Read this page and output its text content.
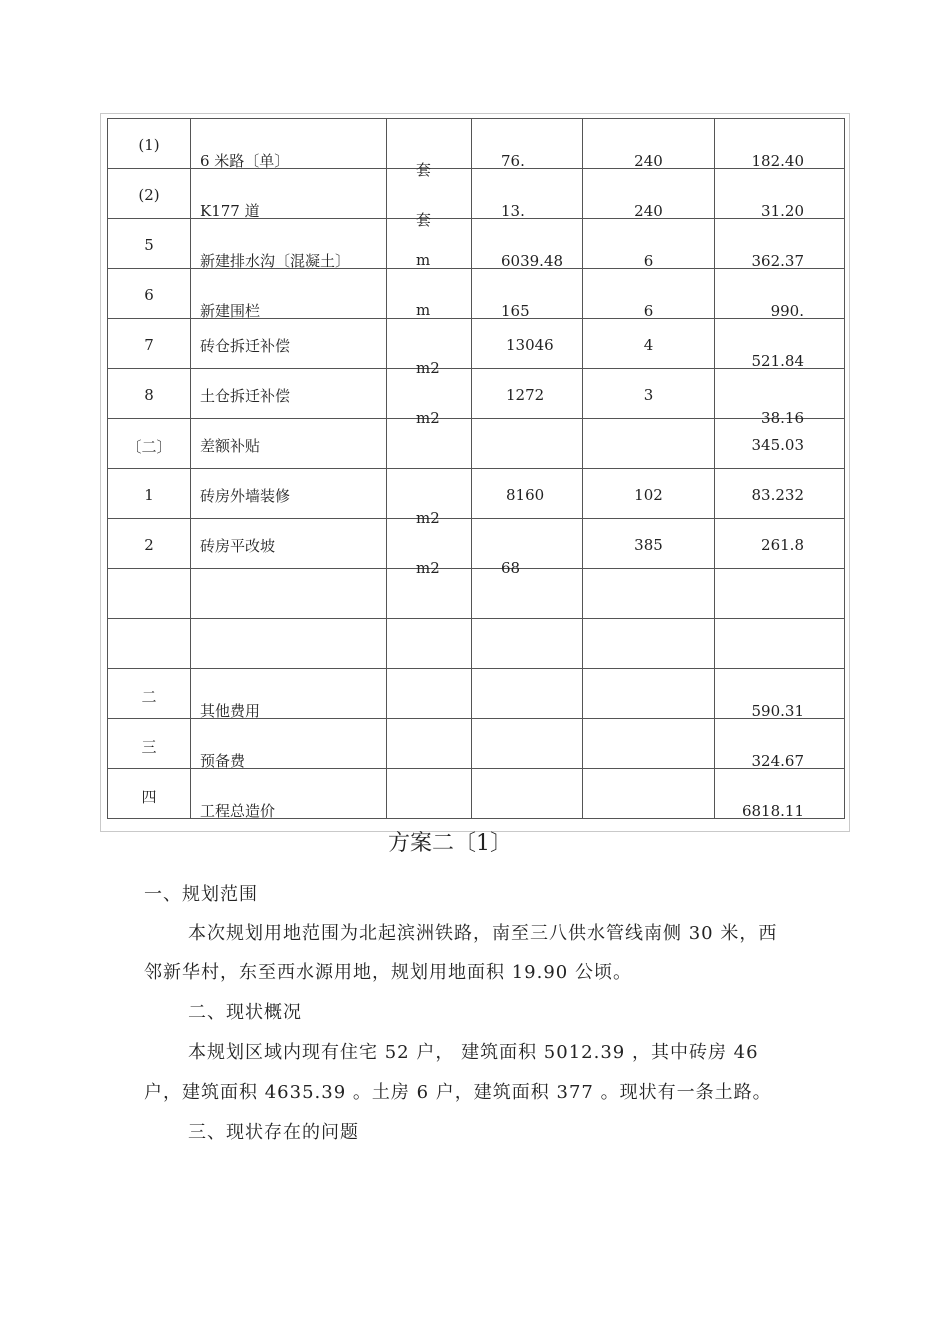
(1)	6 米路〔单〕	套	76.	240	182.40

(2)	K177 道	套	13.	240	31.20

5	新建排水沟〔混凝土〕	m	6039.48	6	362.37

6	新建围栏	m	165	6	990.

7	砖仓拆迁补偿	m2	13046	4	521.84

8	土仓拆迁补偿	m2	1272	3	38.16

〔二〕	差额补贴				345.03

1	砖房外墙装修	m2	8160	102	83.232

2	砖房平改坡	m2	68	385	261.8

二	其他费用				590.31

三	预备费				324.67

四	工程总造价				6818.11
方案二〔1〕
一、规划范围
本次规划用地范围为北起滨洲铁路，南至三八供水管线南侧 30 米，西
邻新华村，东至西水源用地，规划用地面积 19.90 公顷。
二、现状概况
本规划区域内现有住宅 52 户， 建筑面积 5012.39 ，其中砖房 46
户，建筑面积 4635.39 。土房 6 户，建筑面积 377 。现状有一条土路。
三、现状存在的问题
